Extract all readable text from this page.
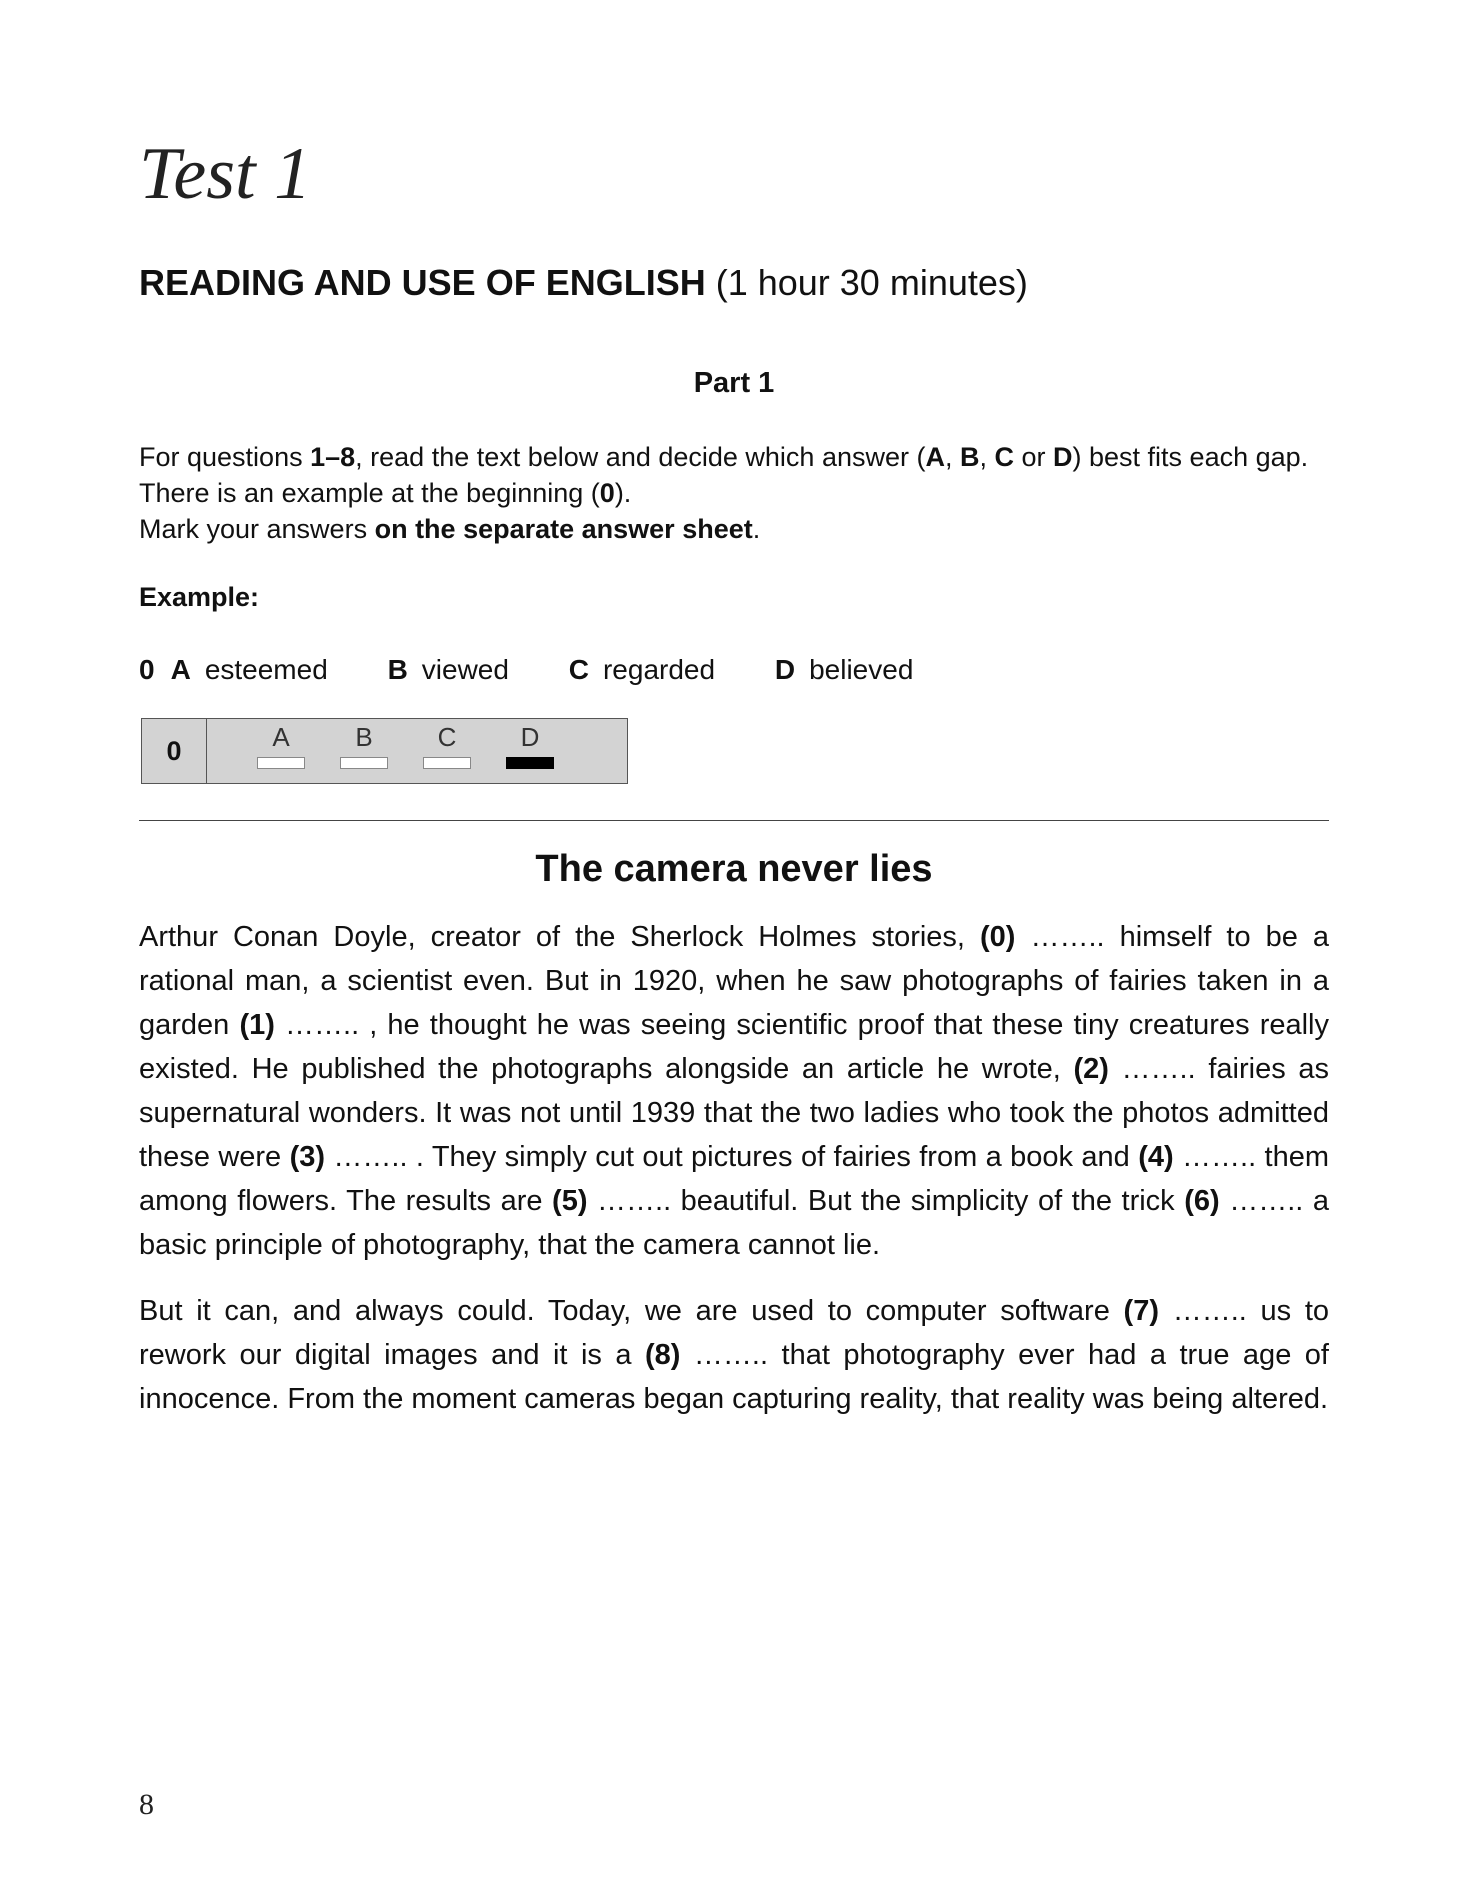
Test 1
READING AND USE OF ENGLISH (1 hour 30 minutes)
Part 1

For questions 1–8, read the text below and decide which answer (A, B, C or D) best fits each gap.

There is an example at the beginning (0).

Mark your answers on the separate answer sheet.

Example:
0 A esteemed B viewed C regarded D believed
0	A	B	C	D
The camera never lies

Arthur Conan Doyle, creator of the Sherlock Holmes stories, (0) …….. himself to be a rational man, a scientist even. But in 1920, when he saw photographs of fairies taken in a garden (1) …….. , he thought he was seeing scientific proof that these tiny creatures really existed. He published the photographs alongside an article he wrote, (2) …….. fairies as supernatural wonders. It was not until 1939 that the two ladies who took the photos admitted these were (3) …….. . They simply cut out pictures of fairies from a book and (4) …….. them among flowers. The results are (5) …….. beautiful. But the simplicity of the trick (6) …….. a basic principle of photography, that the camera cannot lie.

But it can, and always could. Today, we are used to computer software (7) …….. us to rework our digital images and it is a (8) …….. that photography ever had a true age of innocence. From the moment cameras began capturing reality, that reality was being altered.

8
